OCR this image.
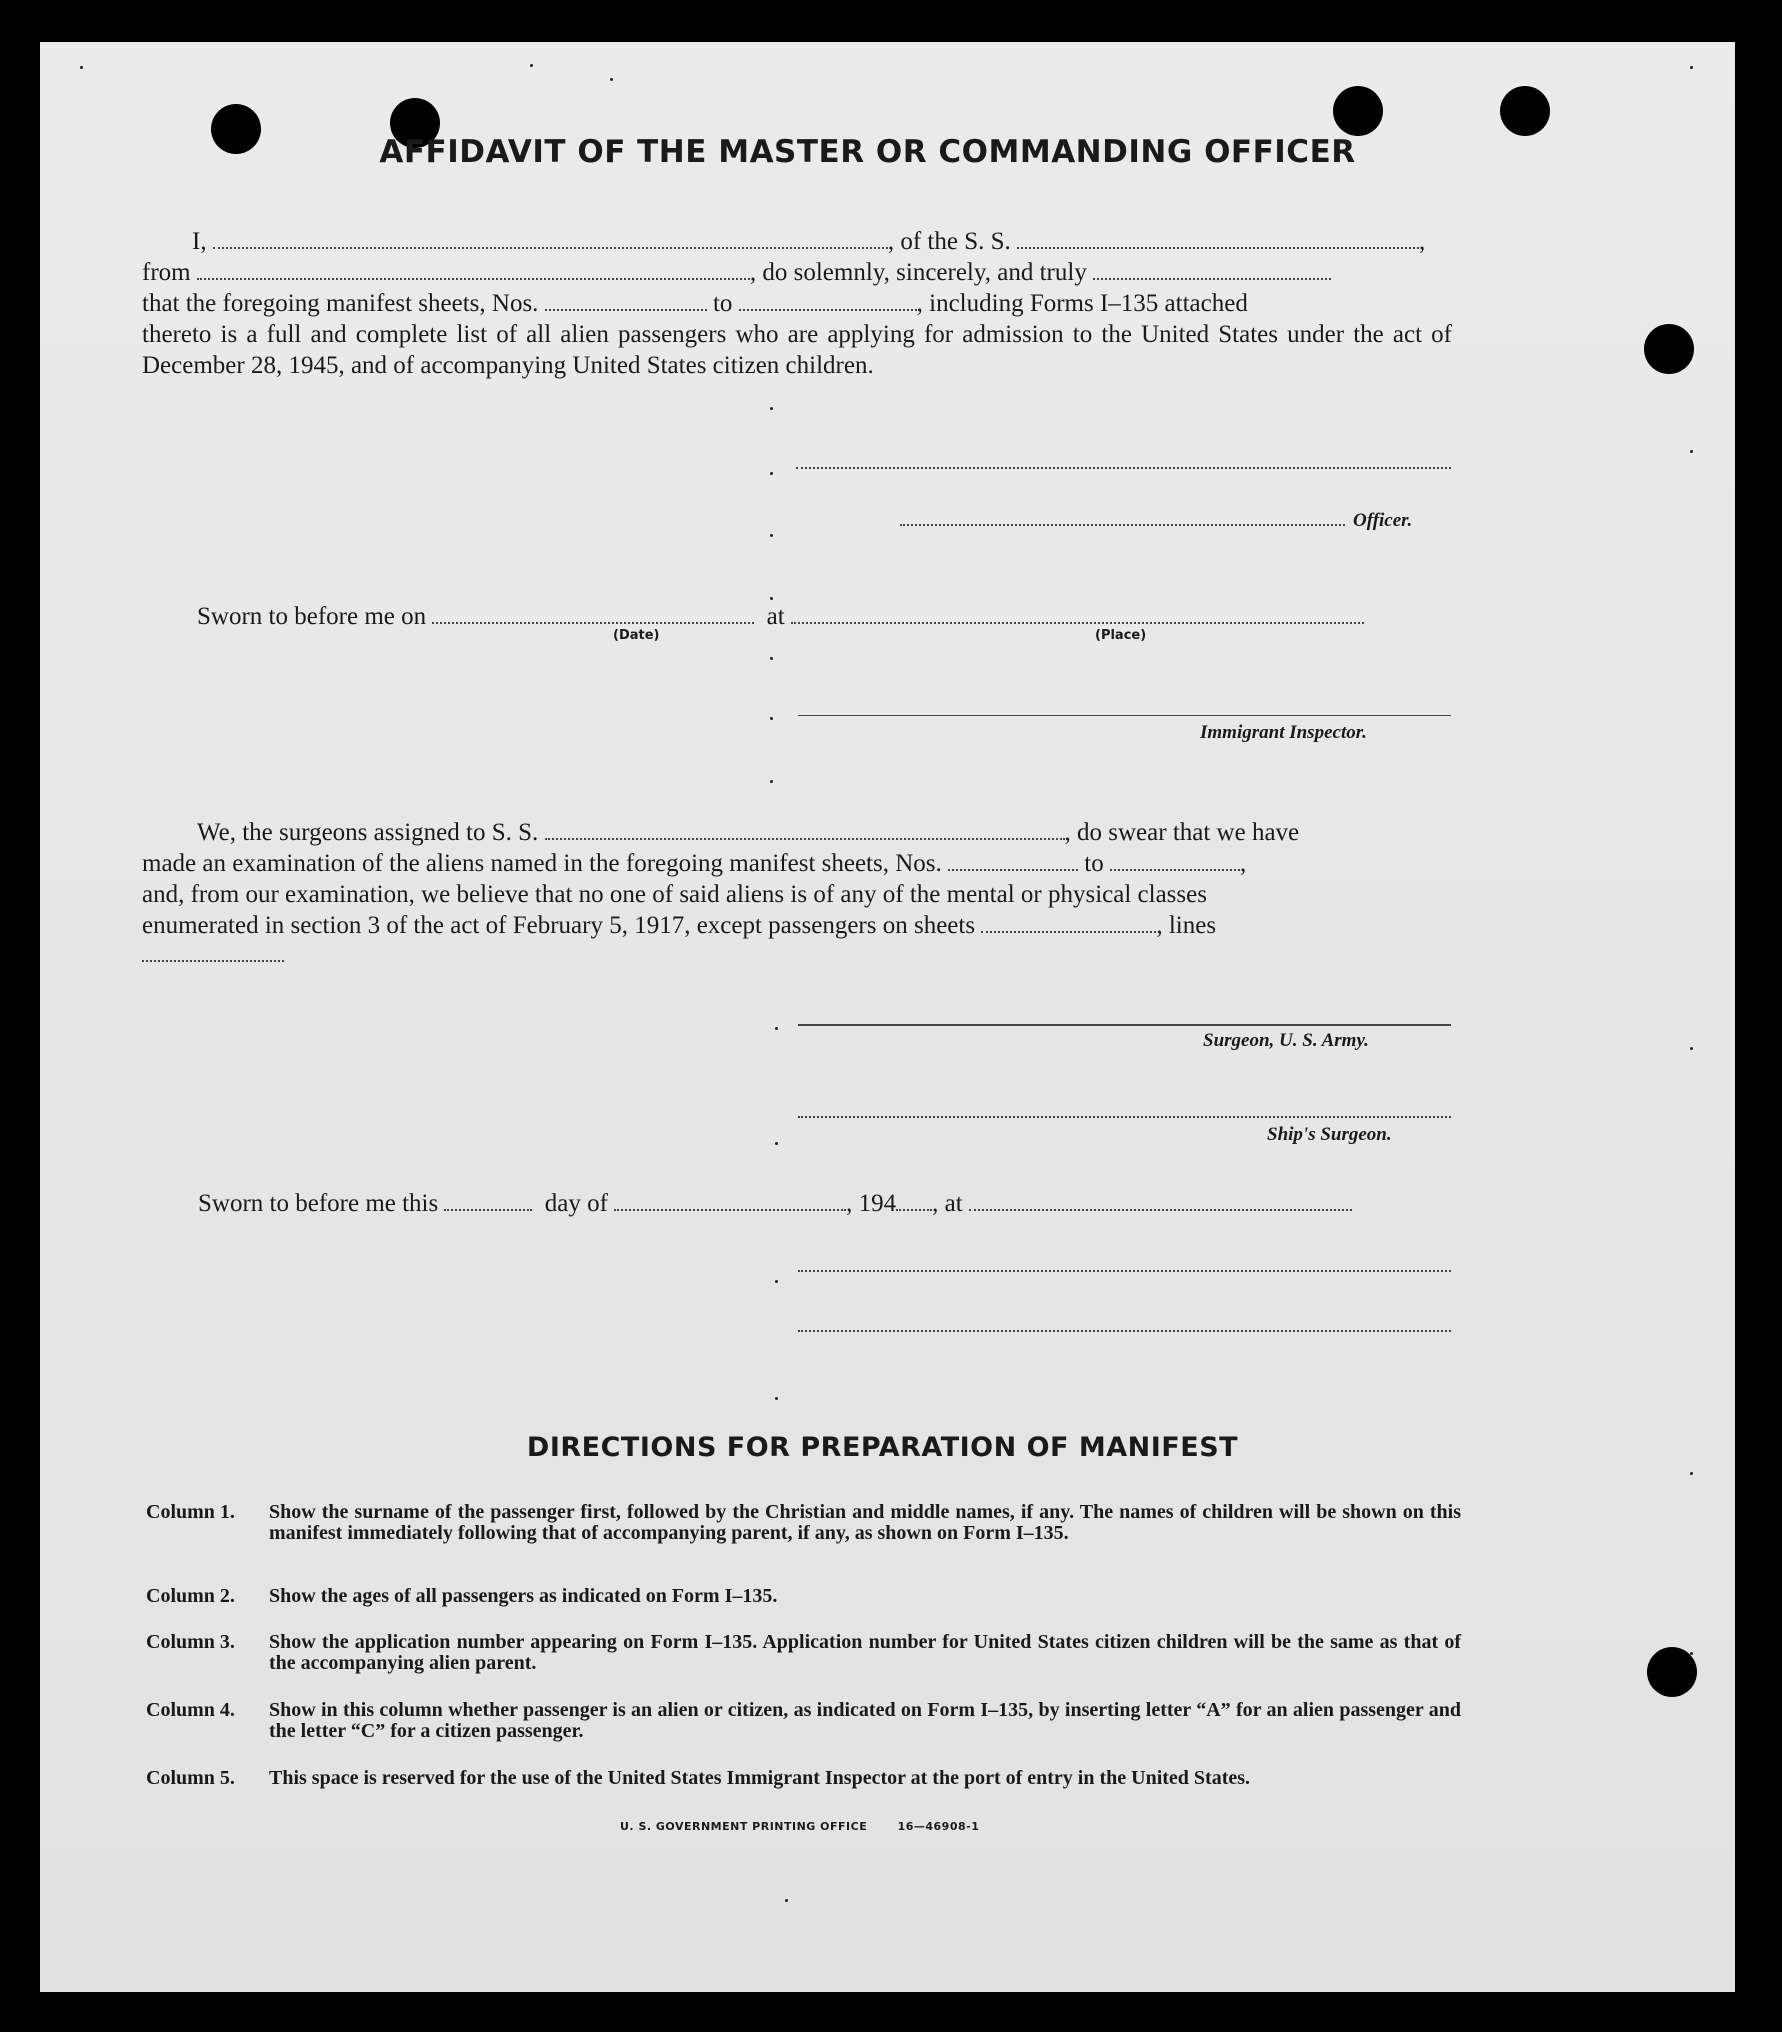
AFFIDAVIT OF THE MASTER OR COMMANDING OFFICER
I,	, of the S. S.	,
from	, do solemnly, sincerely, and truly
that the foregoing manifest sheets, Nos.	to	, including Forms I–135 attached
thereto is a full and complete list of all alien passengers who are applying for admission to the United States under the act of December 28, 1945, and of accompanying United States citizen children.
Officer.
Sworn to before me on	at
(Date)	(Place)
Immigrant Inspector.
We, the surgeons assigned to S. S.	, do swear that we have
made an examination of the aliens named in the foregoing manifest sheets, Nos.	to	,
and, from our examination, we believe that no one of said aliens is of any of the mental or physical classes
enumerated in section 3 of the act of February 5, 1917, except passengers on sheets	, lines
Surgeon, U. S. Army.
Ship's Surgeon.
Sworn to before me this	day of	, 194 , at
DIRECTIONS FOR PREPARATION OF MANIFEST
Column 1. Show the surname of the passenger first, followed by the Christian and middle names, if any. The names of children will be shown on this manifest immediately following that of accompanying parent, if any, as shown on Form I–135.
Column 2. Show the ages of all passengers as indicated on Form I–135.
Column 3. Show the application number appearing on Form I–135. Application number for United States citizen children will be the same as that of the accompanying alien parent.
Column 4. Show in this column whether passenger is an alien or citizen, as indicated on Form I–135, by inserting letter “A” for an alien passenger and the letter “C” for a citizen passenger.
Column 5. This space is reserved for the use of the United States Immigrant Inspector at the port of entry in the United States.
U. S. GOVERNMENT PRINTING OFFICE	16—46908-1
